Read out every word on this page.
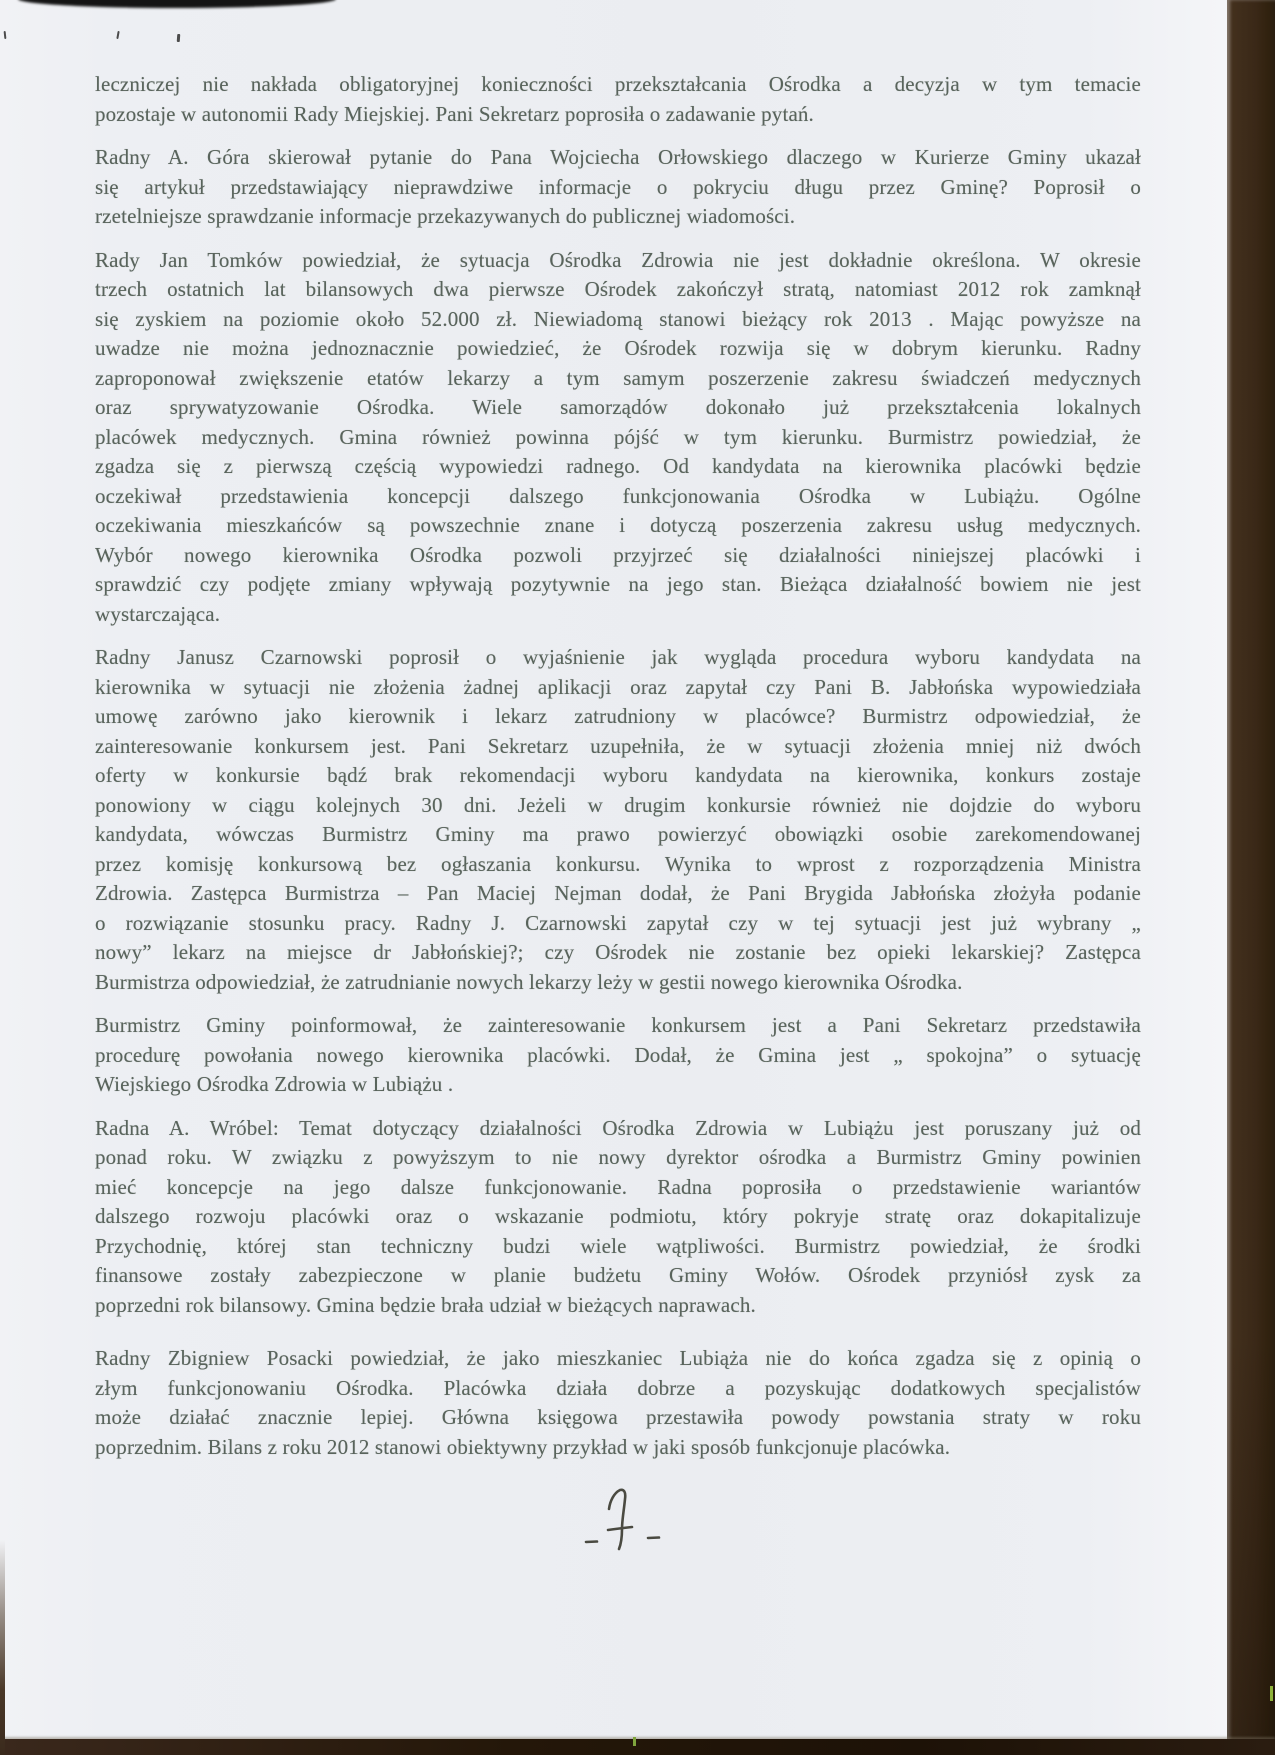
leczniczej nie nakłada obligatoryjnej konieczności przekształcania Ośrodka a decyzja w tym temacie
pozostaje w autonomii Rady Miejskiej. Pani Sekretarz poprosiła o zadawanie pytań.
Radny A. Góra skierował pytanie do Pana Wojciecha Orłowskiego dlaczego w Kurierze Gminy ukazał
się artykuł przedstawiający nieprawdziwe informacje o pokryciu długu przez Gminę? Poprosił o
rzetelniejsze sprawdzanie informacje przekazywanych do publicznej wiadomości.
Rady Jan Tomków powiedział, że sytuacja Ośrodka Zdrowia nie jest dokładnie określona. W okresie
trzech ostatnich lat bilansowych dwa pierwsze Ośrodek zakończył stratą, natomiast 2012 rok zamknął
się zyskiem na poziomie około 52.000 zł. Niewiadomą stanowi bieżący rok 2013 . Mając powyższe na
uwadze nie można jednoznacznie powiedzieć, że Ośrodek rozwija się w dobrym kierunku. Radny
zaproponował zwiększenie etatów lekarzy a tym samym poszerzenie zakresu świadczeń medycznych
oraz sprywatyzowanie Ośrodka. Wiele samorządów dokonało już przekształcenia lokalnych
placówek medycznych. Gmina również powinna pójść w tym kierunku. Burmistrz powiedział, że
zgadza się z pierwszą częścią wypowiedzi radnego. Od kandydata na kierownika placówki będzie
oczekiwał przedstawienia koncepcji dalszego funkcjonowania Ośrodka w Lubiążu. Ogólne
oczekiwania mieszkańców są powszechnie znane i dotyczą poszerzenia zakresu usług medycznych.
Wybór nowego kierownika Ośrodka pozwoli przyjrzeć się działalności niniejszej placówki i
sprawdzić czy podjęte zmiany wpływają pozytywnie na jego stan. Bieżąca działalność bowiem nie jest
wystarczająca.
Radny Janusz Czarnowski poprosił o wyjaśnienie jak wygląda procedura wyboru kandydata na
kierownika w sytuacji nie złożenia żadnej aplikacji oraz zapytał czy Pani B. Jabłońska wypowiedziała
umowę zarówno jako kierownik i lekarz zatrudniony w placówce? Burmistrz odpowiedział, że
zainteresowanie konkursem jest. Pani Sekretarz uzupełniła, że w sytuacji złożenia mniej niż dwóch
oferty w konkursie bądź brak rekomendacji wyboru kandydata na kierownika, konkurs zostaje
ponowiony w ciągu kolejnych 30 dni. Jeżeli w drugim konkursie również nie dojdzie do wyboru
kandydata, wówczas Burmistrz Gminy ma prawo powierzyć obowiązki osobie zarekomendowanej
przez komisję konkursową bez ogłaszania konkursu. Wynika to wprost z rozporządzenia Ministra
Zdrowia. Zastępca Burmistrza – Pan Maciej Nejman dodał, że Pani Brygida Jabłońska złożyła podanie
o rozwiązanie stosunku pracy. Radny J. Czarnowski zapytał czy w tej sytuacji jest już wybrany „
nowy” lekarz na miejsce dr Jabłońskiej?; czy Ośrodek nie zostanie bez opieki lekarskiej? Zastępca
Burmistrza odpowiedział, że zatrudnianie nowych lekarzy leży w gestii nowego kierownika Ośrodka.
Burmistrz Gminy poinformował, że zainteresowanie konkursem jest a Pani Sekretarz przedstawiła
procedurę powołania nowego kierownika placówki. Dodał, że Gmina jest „ spokojna” o sytuację
Wiejskiego Ośrodka Zdrowia w Lubiążu .
Radna A. Wróbel: Temat dotyczący działalności Ośrodka Zdrowia w Lubiążu jest poruszany już od
ponad roku. W związku z powyższym to nie nowy dyrektor ośrodka a Burmistrz Gminy powinien
mieć koncepcje na jego dalsze funkcjonowanie. Radna poprosiła o przedstawienie wariantów
dalszego rozwoju placówki oraz o wskazanie podmiotu, który pokryje stratę oraz dokapitalizuje
Przychodnię, której stan techniczny budzi wiele wątpliwości. Burmistrz powiedział, że środki
finansowe zostały zabezpieczone w planie budżetu Gminy Wołów. Ośrodek przyniósł zysk za
poprzedni rok bilansowy. Gmina będzie brała udział w bieżących naprawach.
Radny Zbigniew Posacki powiedział, że jako mieszkaniec Lubiąża nie do końca zgadza się z opinią o
złym funkcjonowaniu Ośrodka. Placówka działa dobrze a pozyskując dodatkowych specjalistów
może działać znacznie lepiej. Główna księgowa przestawiła powody powstania straty w roku
poprzednim. Bilans z roku 2012 stanowi obiektywny przykład w jaki sposób funkcjonuje placówka.
